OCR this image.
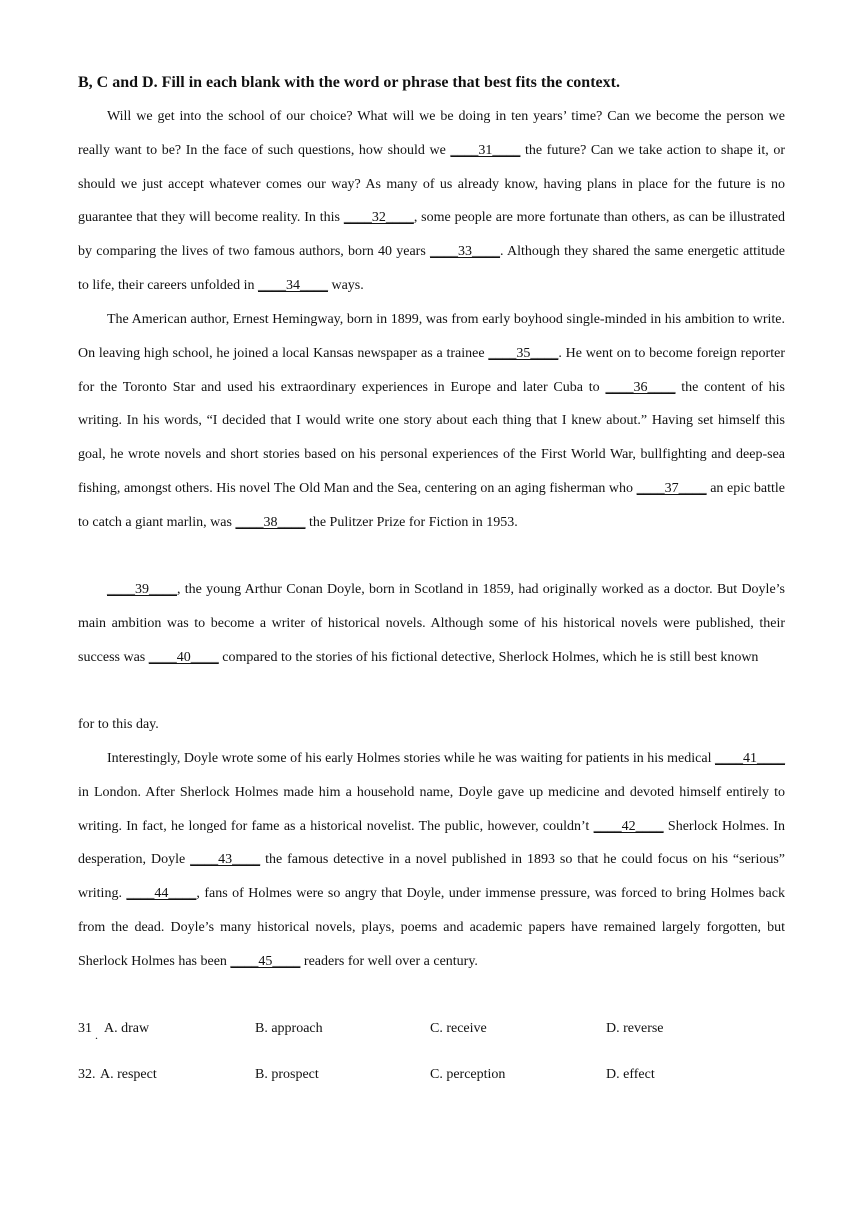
B, C and D. Fill in each blank with the word or phrase that best fits the context.
Will we get into the school of our choice? What will we be doing in ten years’ time? Can we become the person we really want to be? In the face of such questions, how should we ____31____ the future? Can we take action to shape it, or should we just accept whatever comes our way? As many of us already know, having plans in place for the future is no guarantee that they will become reality. In this ____32____, some people are more fortunate than others, as can be illustrated by comparing the lives of two famous authors, born 40 years ____33____. Although they shared the same energetic attitude to life, their careers unfolded in ____34____ ways.
The American author, Ernest Hemingway, born in 1899, was from early boyhood single-minded in his ambition to write. On leaving high school, he joined a local Kansas newspaper as a trainee ____35____. He went on to become foreign reporter for the Toronto Star and used his extraordinary experiences in Europe and later Cuba to ____36____ the content of his writing. In his words, “I decided that I would write one story about each thing that I knew about.” Having set himself this goal, he wrote novels and short stories based on his personal experiences of the First World War, bullfighting and deep-sea fishing, amongst others. His novel The Old Man and the Sea, centering on an aging fisherman who ____37____ an epic battle to catch a giant marlin, was ____38____ the Pulitzer Prize for Fiction in 1953.
____39____, the young Arthur Conan Doyle, born in Scotland in 1859, had originally worked as a doctor. But Doyle’s main ambition was to become a writer of historical novels. Although some of his historical novels were published, their success was ____40____ compared to the stories of his fictional detective, Sherlock Holmes, which he is still best known
for to this day.
Interestingly, Doyle wrote some of his early Holmes stories while he was waiting for patients in his medical ____41____ in London. After Sherlock Holmes made him a household name, Doyle gave up medicine and devoted himself entirely to writing. In fact, he longed for fame as a historical novelist. The public, however, couldn’t ____42____ Sherlock Holmes. In desperation, Doyle ____43____ the famous detective in a novel published in 1893 so that he could focus on his “serious” writing. ____44____, fans of Holmes were so angry that Doyle, under immense pressure, was forced to bring Holmes back from the dead. Doyle’s many historical novels, plays, poems and academic papers have remained largely forgotten, but Sherlock Holmes has been ____45____ readers for well over a century.
31 . A. draw	B. approach	C. receive	D. reverse
32. A. respect	B. prospect	C. perception	D. effect
